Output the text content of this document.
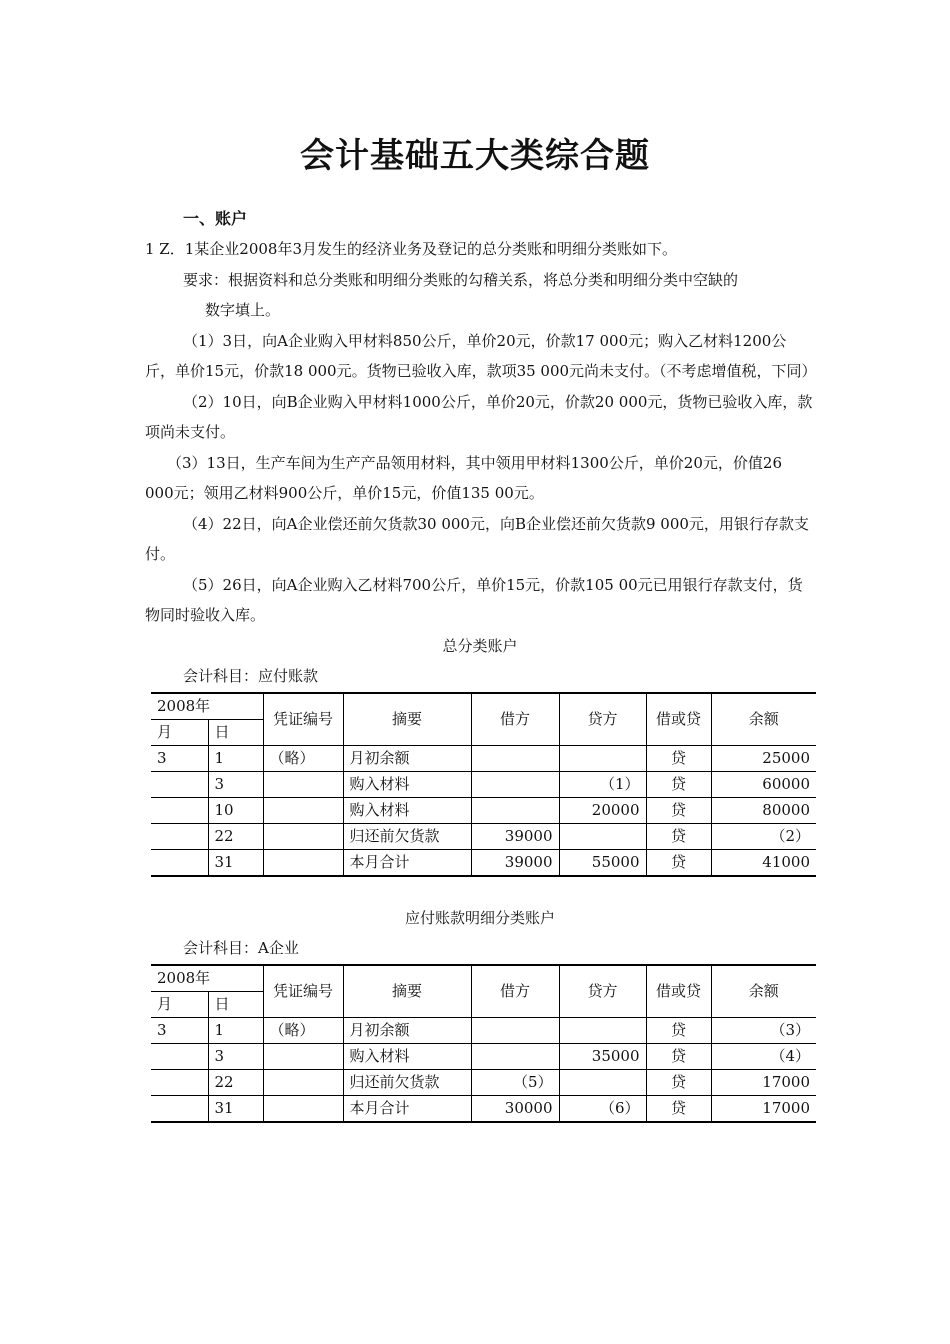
会计基础五大类综合题
一、账户

1 Z．1某企业2008年3月发生的经济业务及登记的总分类账和明细分类账如下。

要求：根据资料和总分类账和明细分类账的勾稽关系，将总分类和明细分类中空缺的

数字填上。

（1）3日，向A企业购入甲材料850公斤，单价20元，价款17 000元；购入乙材料1200公斤，单价15元，价款18 000元。货物已验收入库，款项35 000元尚未支付。（不考虑增值税，下同）

（2）10日，向B企业购入甲材料1000公斤，单价20元，价款20 000元，货物已验收入库，款项尚未支付。

（3）13日，生产车间为生产产品领用材料，其中领用甲材料1300公斤，单价20元，价值26 000元；领用乙材料900公斤，单价15元，价值135 00元。

（4）22日，向A企业偿还前欠货款30 000元，向B企业偿还前欠货款9 000元，用银行存款支付。

（5）26日，向A企业购入乙材料700公斤，单价15元，价款105 00元已用银行存款支付，货物同时验收入库。

总分类账户

会计科目：应付账款

2008年		凭证编号	摘要	借方	贷方	借或贷	余额
月	日						
3	1	（略）	月初余额			贷	25000
	3		购入材料		（1）	贷	60000
	10		购入材料		20000	贷	80000
	22		归还前欠货款	39000		贷	（2）
	31		本月合计	39000	55000	贷	41000

应付账款明细分类账户

会计科目：A企业

2008年		凭证编号	摘要	借方	贷方	借或贷	余额
月	日						
3	1	（略）	月初余额			贷	（3）
	3		购入材料		35000	贷	（4）
	22		归还前欠货款	（5）		贷	17000
	31		本月合计	30000	（6）	贷	17000
